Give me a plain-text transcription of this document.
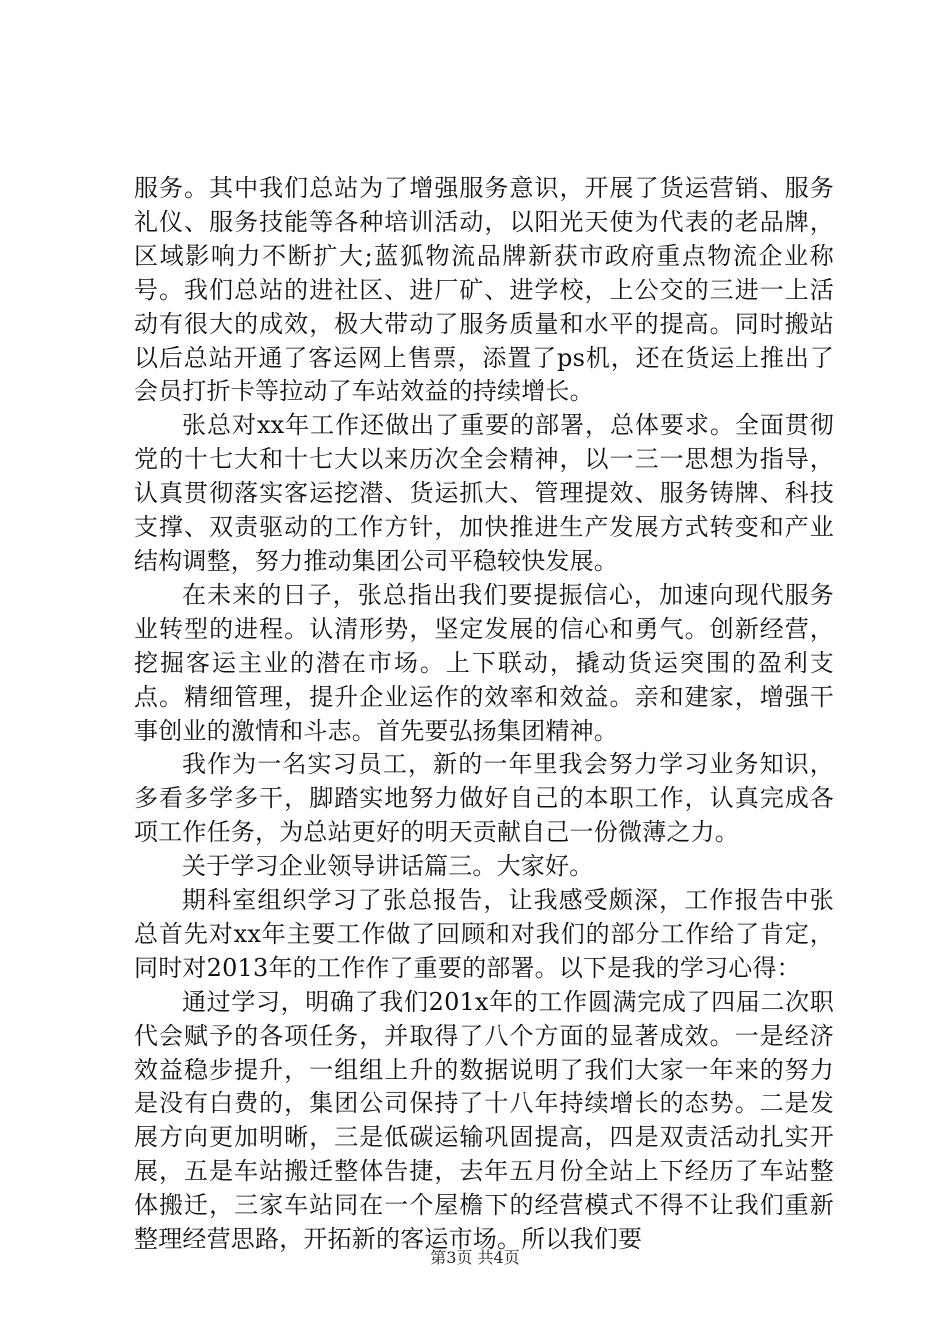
服务。其中我们总站为了增强服务意识，开展了货运营销、服务礼仪、服务技能等各种培训活动，以阳光天使为代表的老品牌，区域影响力不断扩大;蓝狐物流品牌新获市政府重点物流企业称号。我们总站的进社区、进厂矿、进学校，上公交的三进一上活动有很大的成效，极大带动了服务质量和水平的提高。同时搬站以后总站开通了客运网上售票，添置了ps机，还在货运上推出了会员打折卡等拉动了车站效益的持续增长。

张总对xx年工作还做出了重要的部署，总体要求。全面贯彻党的十七大和十七大以来历次全会精神，以一三一思想为指导，认真贯彻落实客运挖潜、货运抓大、管理提效、服务铸牌、科技支撑、双责驱动的工作方针，加快推进生产发展方式转变和产业结构调整，努力推动集团公司平稳较快发展。

在未来的日子，张总指出我们要提振信心，加速向现代服务业转型的进程。认清形势，坚定发展的信心和勇气。创新经营，挖掘客运主业的潜在市场。上下联动，撬动货运突围的盈利支点。精细管理，提升企业运作的效率和效益。亲和建家，增强干事创业的激情和斗志。首先要弘扬集团精神。

我作为一名实习员工，新的一年里我会努力学习业务知识，多看多学多干，脚踏实地努力做好自己的本职工作，认真完成各项工作任务，为总站更好的明天贡献自己一份微薄之力。

关于学习企业领导讲话篇三。大家好。

期科室组织学习了张总报告，让我感受颇深，工作报告中张总首先对xx年主要工作做了回顾和对我们的部分工作给了肯定，同时对2013年的工作作了重要的部署。以下是我的学习心得：

通过学习，明确了我们201x年的工作圆满完成了四届二次职代会赋予的各项任务，并取得了八个方面的显著成效。一是经济效益稳步提升，一组组上升的数据说明了我们大家一年来的努力是没有白费的，集团公司保持了十八年持续增长的态势。二是发展方向更加明晰，三是低碳运输巩固提高，四是双责活动扎实开展，五是车站搬迁整体告捷，去年五月份全站上下经历了车站整体搬迁，三家车站同在一个屋檐下的经营模式不得不让我们重新整理经营思路，开拓新的客运市场。所以我们要

第3页 共4页
